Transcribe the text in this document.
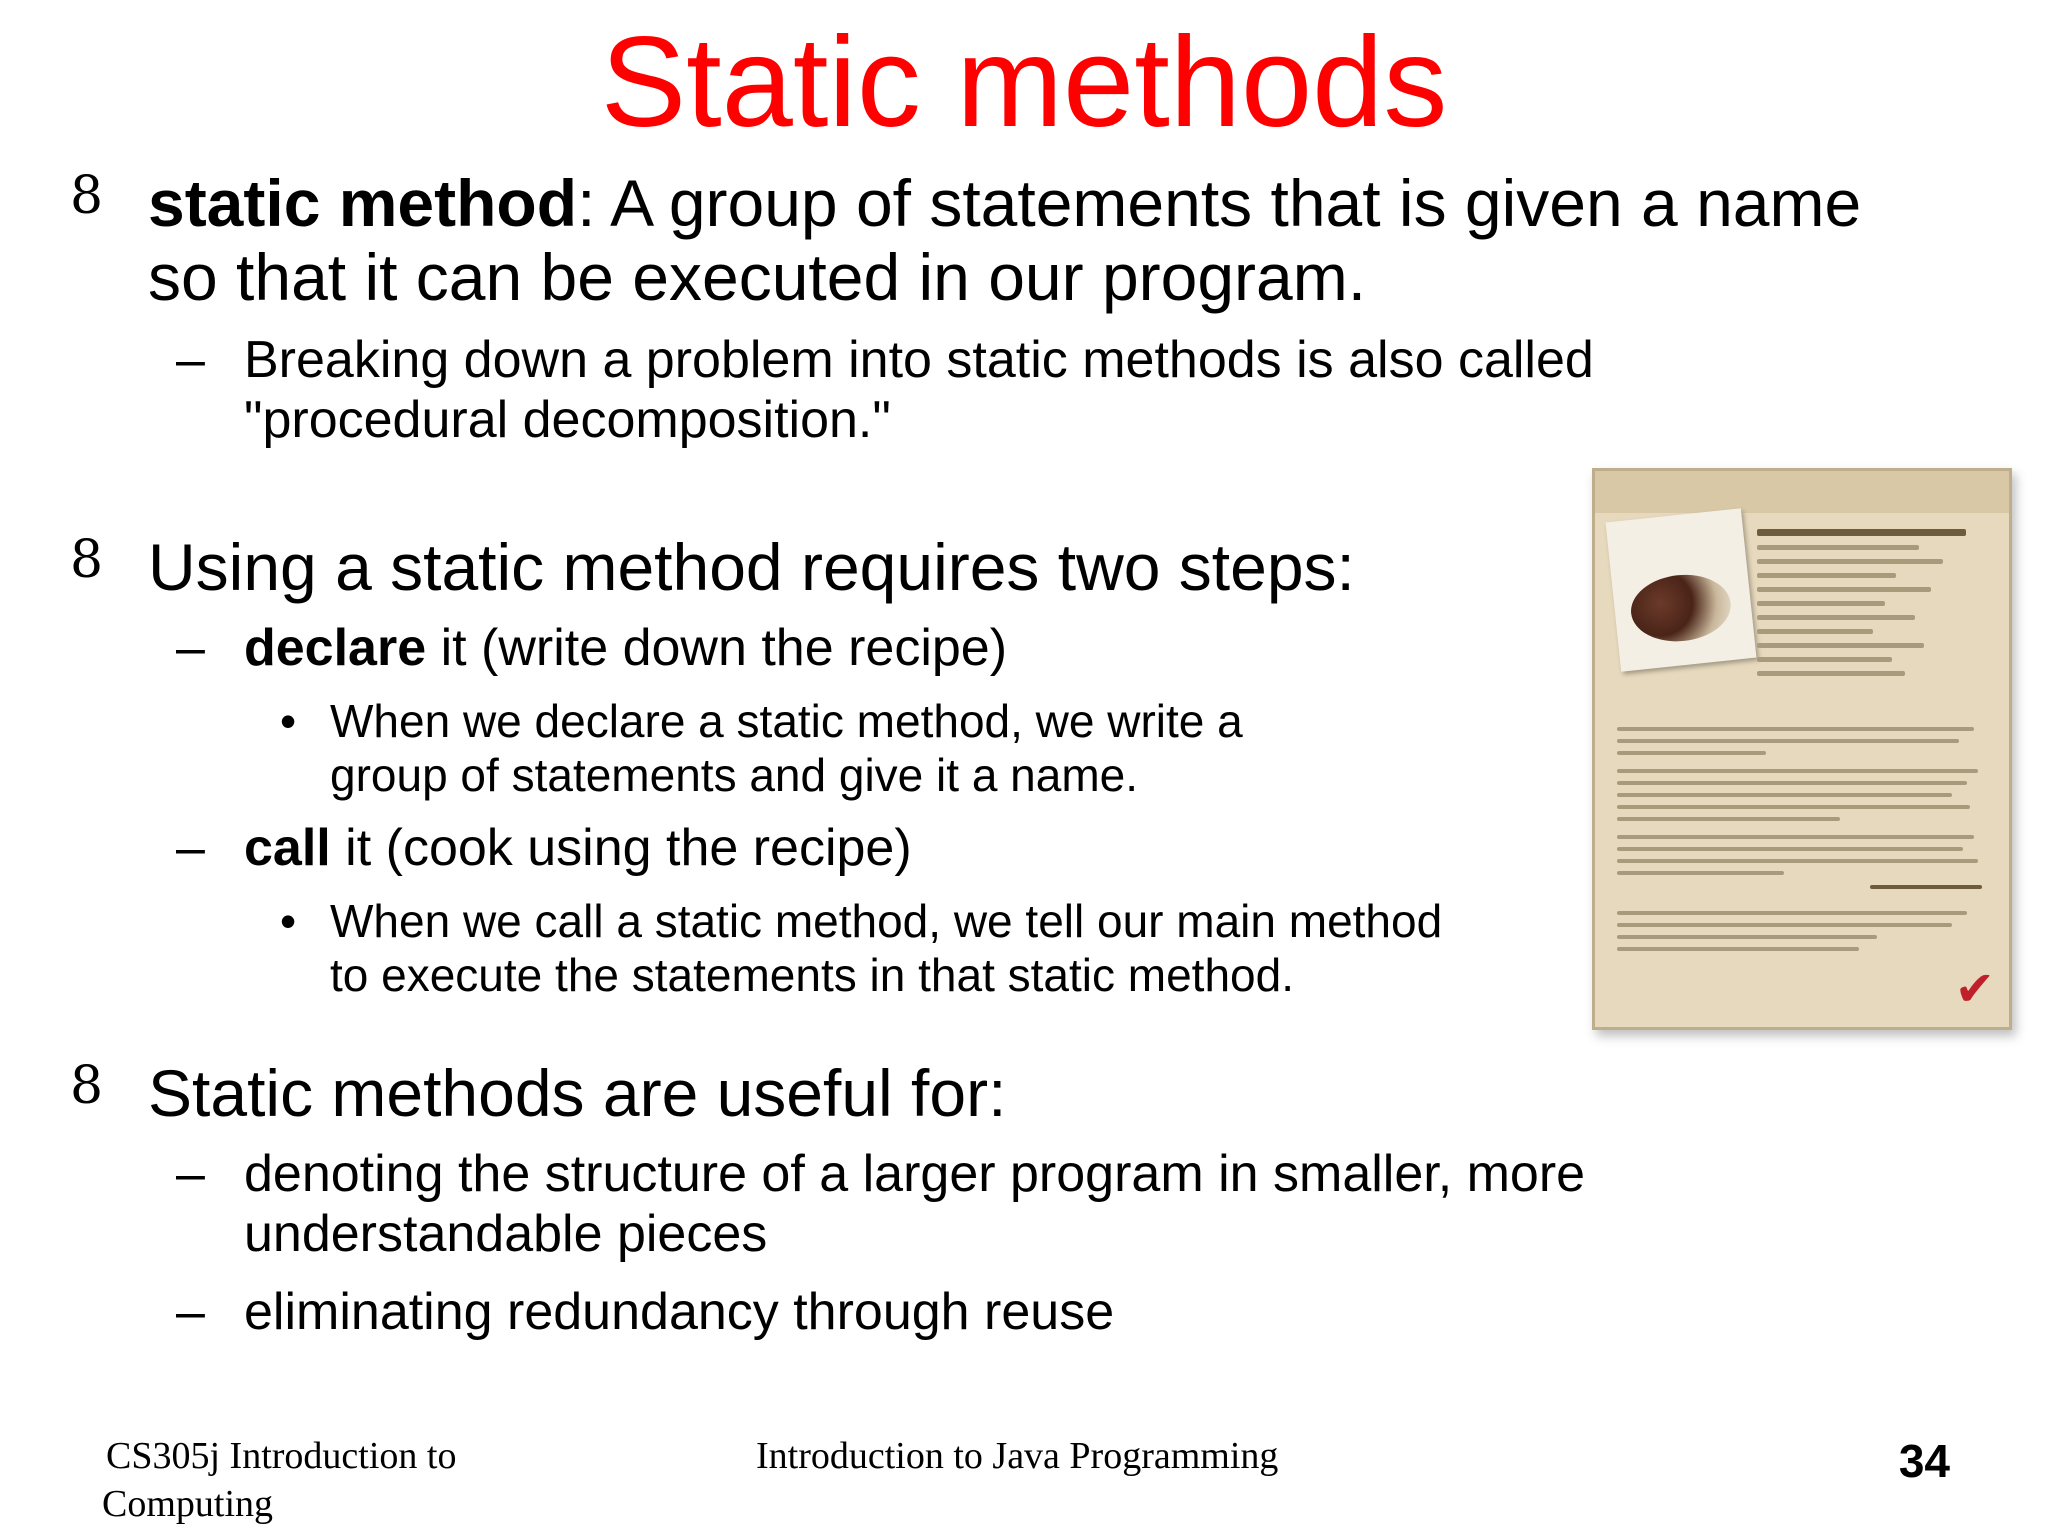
Static methods
8 static method: A group of statements that is given a name
so that it can be executed in our program.
– Breaking down a problem into static methods is also called
"procedural decomposition."
8 Using a static method requires two steps:
– declare it (write down the recipe)
• When we declare a static method, we write a
group of statements and give it a name.
– call it (cook using the recipe)
• When we call a static method, we tell our main method
to execute the statements in that static method.
8 Static methods are useful for:
– denoting the structure of a larger program in smaller, more
understandable pieces
– eliminating redundancy through reuse
✔
CS305j Introduction to
Computing
Introduction to Java Programming	34
